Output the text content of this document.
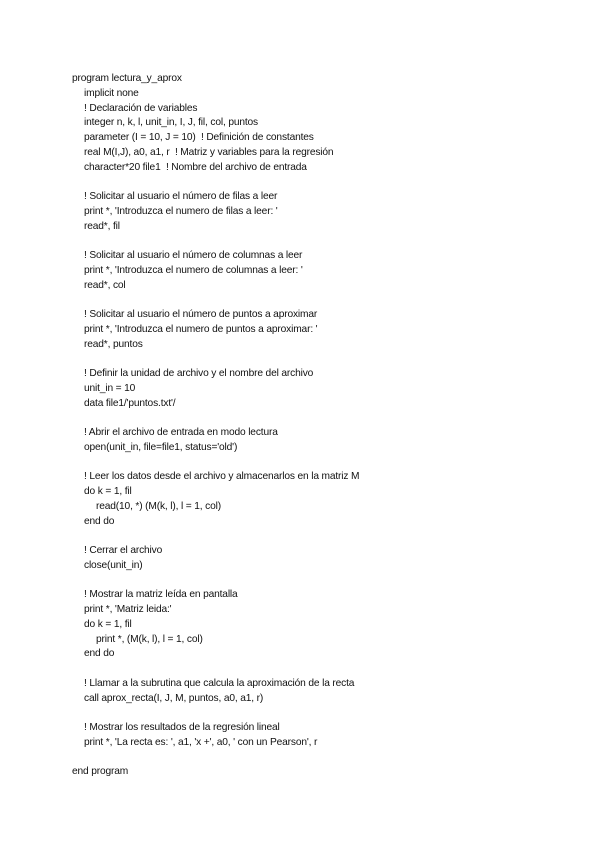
program lectura_y_aprox
implicit none
! Declaración de variables
integer n, k, l, unit_in, I, J, fil, col, puntos
parameter (I = 10, J = 10)  ! Definición de constantes
real M(I,J), a0, a1, r  ! Matriz y variables para la regresión
character*20 file1  ! Nombre del archivo de entrada
! Solicitar al usuario el número de filas a leer
print *, 'Introduzca el numero de filas a leer: '
read*, fil
! Solicitar al usuario el número de columnas a leer
print *, 'Introduzca el numero de columnas a leer: '
read*, col
! Solicitar al usuario el número de puntos a aproximar
print *, 'Introduzca el numero de puntos a aproximar: '
read*, puntos
! Definir la unidad de archivo y el nombre del archivo
unit_in = 10
data file1/'puntos.txt'/
! Abrir el archivo de entrada en modo lectura
open(unit_in, file=file1, status='old')
! Leer los datos desde el archivo y almacenarlos en la matriz M
do k = 1, fil
read(10, *) (M(k, l), l = 1, col)
end do
! Cerrar el archivo
close(unit_in)
! Mostrar la matriz leída en pantalla
print *, 'Matriz leida:'
do k = 1, fil
print *, (M(k, l), l = 1, col)
end do
! Llamar a la subrutina que calcula la aproximación de la recta
call aprox_recta(I, J, M, puntos, a0, a1, r)
! Mostrar los resultados de la regresión lineal
print *, 'La recta es: ', a1, 'x +', a0, ' con un Pearson', r
end program
